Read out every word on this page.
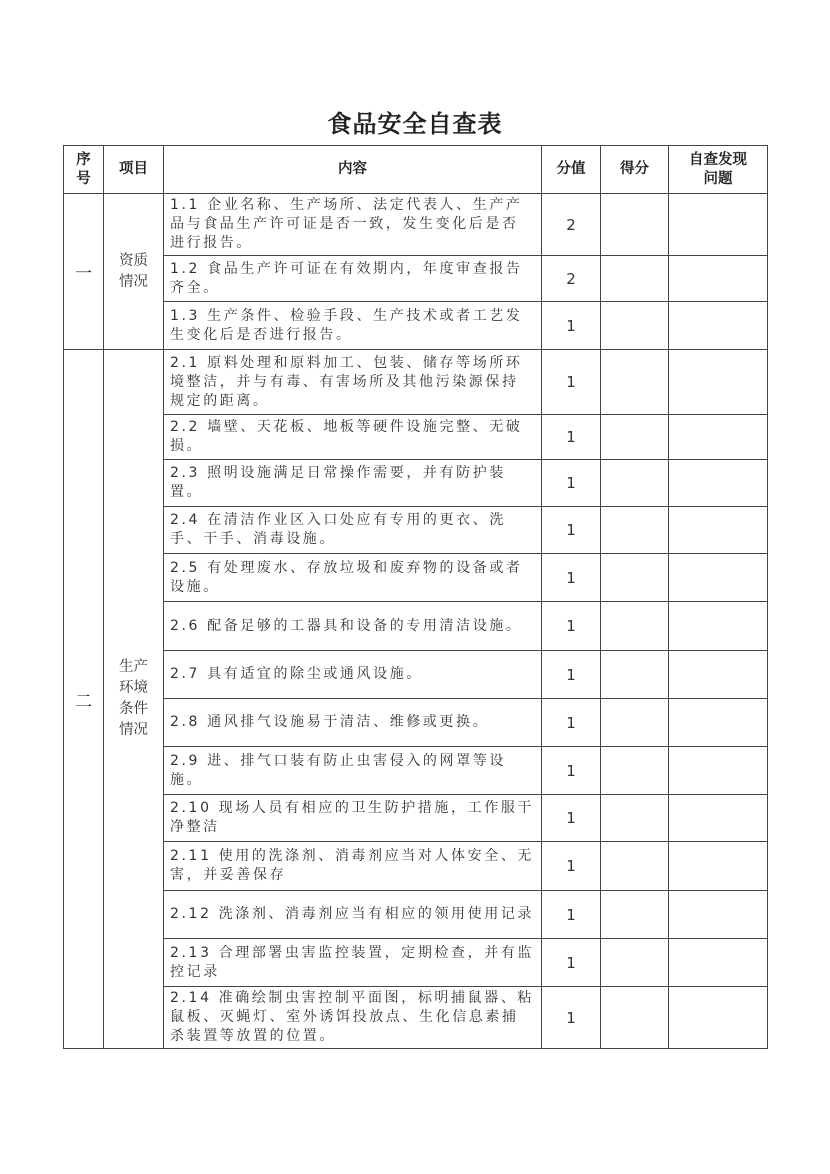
食品安全自查表
序号	项目	内容	分值	得分	自查发现问题
一	资质情况	1.1 企业名称、生产场所、法定代表人、生产产品与食品生产许可证是否一致，发生变化后是否进行报告。	2		
		1.2 食品生产许可证在有效期内，年度审查报告齐全。	2		
		1.3 生产条件、检验手段、生产技术或者工艺发生变化后是否进行报告。	1		
二	生产环境条件情况	2.1 原料处理和原料加工、包装、储存等场所环境整洁，并与有毒、有害场所及其他污染源保持规定的距离。	1		
		2.2 墙壁、天花板、地板等硬件设施完整、无破损。	1		
		2.3 照明设施满足日常操作需要，并有防护装置。	1		
		2.4 在清洁作业区入口处应有专用的更衣、洗手、干手、消毒设施。	1		
		2.5 有处理废水、存放垃圾和废弃物的设备或者设施。	1		
		2.6 配备足够的工器具和设备的专用清洁设施。	1		
		2.7 具有适宜的除尘或通风设施。	1		
		2.8 通风排气设施易于清洁、维修或更换。	1		
		2.9 进、排气口装有防止虫害侵入的网罩等设施。	1		
		2.10 现场人员有相应的卫生防护措施，工作服干净整洁	1		
		2.11 使用的洗涤剂、消毒剂应当对人体安全、无害，并妥善保存	1		
		2.12 洗涤剂、消毒剂应当有相应的领用使用记录	1		
		2.13 合理部署虫害监控装置，定期检查，并有监控记录	1		
		2.14 准确绘制虫害控制平面图，标明捕鼠器、粘鼠板、灭蝇灯、室外诱饵投放点、生化信息素捕杀装置等放置的位置。	1		
